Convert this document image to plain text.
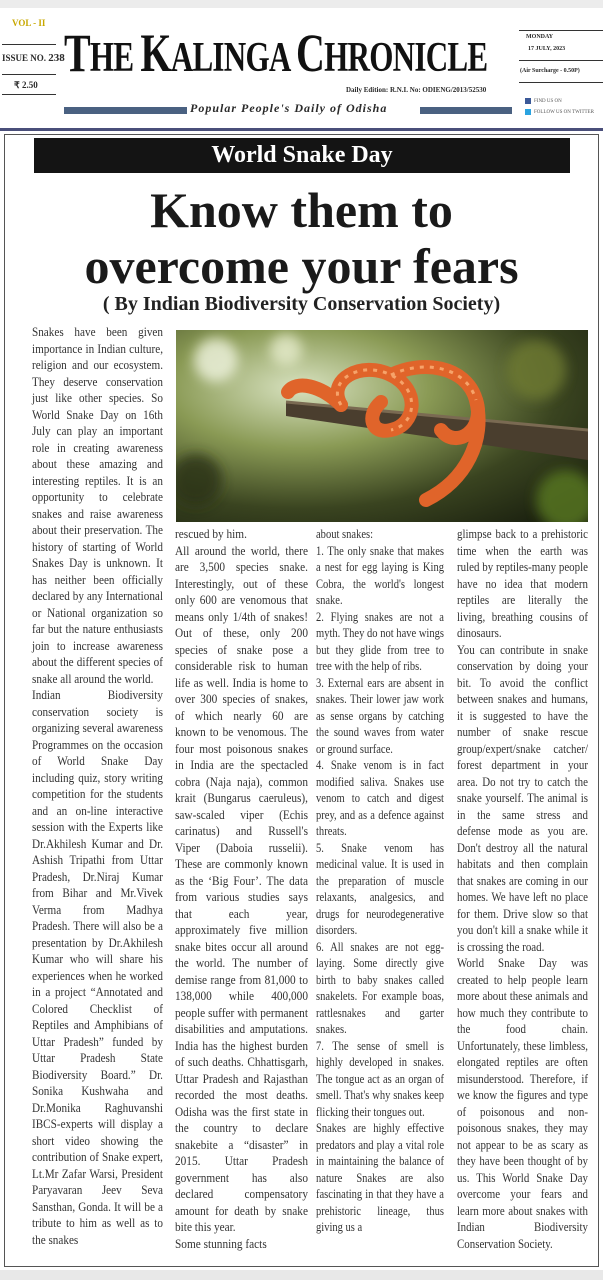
VOL - II
ISSUE NO. 238
₹ 2.50
THE KALINGA CHRONICLE
Daily Edition: R.N.I. No: ODIENG/2013/52530
Popular People's Daily of Odisha
MONDAY
17 JULY, 2023
(Air Surcharge - 0.50P)
FIND US ON
FOLLOW US ON TWITTER
World Snake Day
Know them to
overcome your fears
( By Indian Biodiversity Conservation Society)

Snakes have been given importance in Indian culture, religion and our ecosystem. They deserve conservation just like other species. So World Snake Day on 16th July can play an important role in creating awareness about these amazing and interesting reptiles. It is an opportunity to celebrate snakes and raise awareness about their preservation. The history of starting of World Snakes Day is unknown. It has neither been officially declared by any International or National organization so far but the nature enthusiasts join to increase awareness about the different species of snake all around the world.

Indian Biodiversity conservation society is organizing several awareness Programmes on the occasion of World Snake Day including quiz, story writing competition for the students and an on-line interactive session with the Experts like Dr.Akhilesh Kumar and Dr. Ashish Tripathi from Uttar Pradesh, Dr.Niraj Kumar from Bihar and Mr.Vivek Verma from Madhya Pradesh. There will also be a presentation by Dr.Akhilesh Kumar who will share his experiences when he worked in a project “Annotated and Colored Checklist of Reptiles and Amphibians of Uttar Pradesh” funded by Uttar Pradesh State Biodiversity Board.” Dr. Sonika Kushwaha and Dr.Monika Raghuvanshi IBCS-experts will display a short video showing the contribution of Snake expert, Lt.Mr Zafar Warsi, President Paryavaran Jeev Seva Sansthan, Gonda. It will be a tribute to him as well as to the snakes

rescued by him.

All around the world, there are 3,500 species snake. Interestingly, out of these only 600 are venomous that means only 1/4th of snakes! Out of these, only 200 species of snake pose a considerable risk to human life as well. India is home to over 300 species of snakes, of which nearly 60 are known to be venomous. The four most poisonous snakes in India are the spectacled cobra (Naja naja), common krait (Bungarus caeruleus), saw-scaled viper (Echis carinatus) and Russell's Viper (Daboia russelii). These are commonly known as the ‘Big Four’. The data from various studies says that each year, approximately five million snake bites occur all around the world. The number of demise range from 81,000 to 138,000 while 400,000 people suffer with permanent disabilities and amputations. India has the highest burden of such deaths. Chhattisgarh, Uttar Pradesh and Rajasthan recorded the most deaths. Odisha was the first state in the country to declare snakebite a “disaster” in 2015. Uttar Pradesh government has also declared compensatory amount for death by snake bite this year.

Some stunning facts

about snakes:

1. The only snake that makes a nest for egg laying is King Cobra, the world's longest snake.

2. Flying snakes are not a myth. They do not have wings but they glide from tree to tree with the help of ribs.

3. External ears are absent in snakes. Their lower jaw work as sense organs by catching the sound waves from water or ground surface.

4. Snake venom is in fact modified saliva. Snakes use venom to catch and digest prey, and as a defence against threats.

5. Snake venom has medicinal value. It is used in the preparation of muscle relaxants, analgesics, and drugs for neurodegenerative disorders.

6. All snakes are not egg-laying. Some directly give birth to baby snakes called snakelets. For example boas, rattlesnakes and garter snakes.

7. The sense of smell is highly developed in snakes. The tongue act as an organ of smell. That's why snakes keep flicking their tongues out.

Snakes are highly effective predators and play a vital role in maintaining the balance of nature Snakes are also fascinating in that they have a prehistoric lineage, thus giving us a

glimpse back to a prehistoric time when the earth was ruled by reptiles-many people have no idea that modern reptiles are literally the living, breathing cousins of dinosaurs.

You can contribute in snake conservation by doing your bit. To avoid the conflict between snakes and humans, it is suggested to have the number of snake rescue group/expert/snake catcher/ forest department in your area. Do not try to catch the snake yourself. The animal is in the same stress and defense mode as you are. Don't destroy all the natural habitats and then complain that snakes are coming in our homes. We have left no place for them. Drive slow so that you don't kill a snake while it is crossing the road.

World Snake Day was created to help people learn more about these animals and how much they contribute to the food chain. Unfortunately, these limbless, elongated reptiles are often misunderstood. Therefore, if we know the figures and type of poisonous and non-poisonous snakes, they may not appear to be as scary as they have been thought of by us. This World Snake Day overcome your fears and learn more about snakes with Indian Biodiversity Conservation Society.
